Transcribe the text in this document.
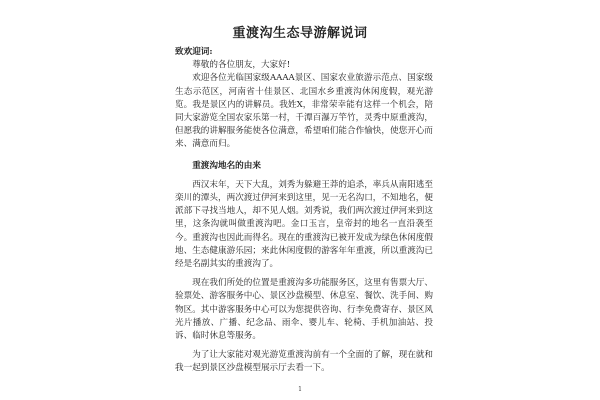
重渡沟生态导游解说词

致欢迎词:

尊敬的各位朋友，大家好!

欢迎各位光临国家级AAAA景区、国家农业旅游示范点、国家级生态示范区，河南省十佳景区、北国水乡重渡沟休闲度假，观光游览。我是景区内的讲解员。我姓X，非常荣幸能有这样一个机会，陪同大家游览全国农家乐第一村，千潭百瀑万竿竹，灵秀中原重渡沟，但愿我的讲解服务能使各位满意，希望咱们能合作愉快，使您开心而来、满意而归。

重渡沟地名的由来

西汉末年，天下大乱，刘秀为躲避王莽的追杀，率兵从南阳逃至栾川的潭头，两次渡过伊河来到这里，见一无名沟口，不知地名，便派部下寻找当地人，却不见人烟。刘秀说，我们两次渡过伊河来到这里，这条沟就叫做重渡沟吧。金口玉言，皇帝封的地名一直沿袭至今。重渡沟也因此而得名。现在的重渡沟已被开发成为绿色休闲度假地、生态健康游乐园；来此休闲度假的游客年年重渡，所以重渡沟已经是名副其实的重渡沟了。

现在我们所处的位置是重渡沟多功能服务区，这里有售票大厅、验票处、游客服务中心、景区沙盘模型、休息室、餐饮、洗手间、购物区。其中游客服务中心可以为您提供咨询、行李免费寄存、景区风光片播放、广播、纪念品、雨伞、婴儿车、轮椅、手机加油站、投诉、临时休息等服务。

为了让大家能对观光游览重渡沟前有一个全面的了解，现在就和我一起到景区沙盘模型展示厅去看一下。

1
